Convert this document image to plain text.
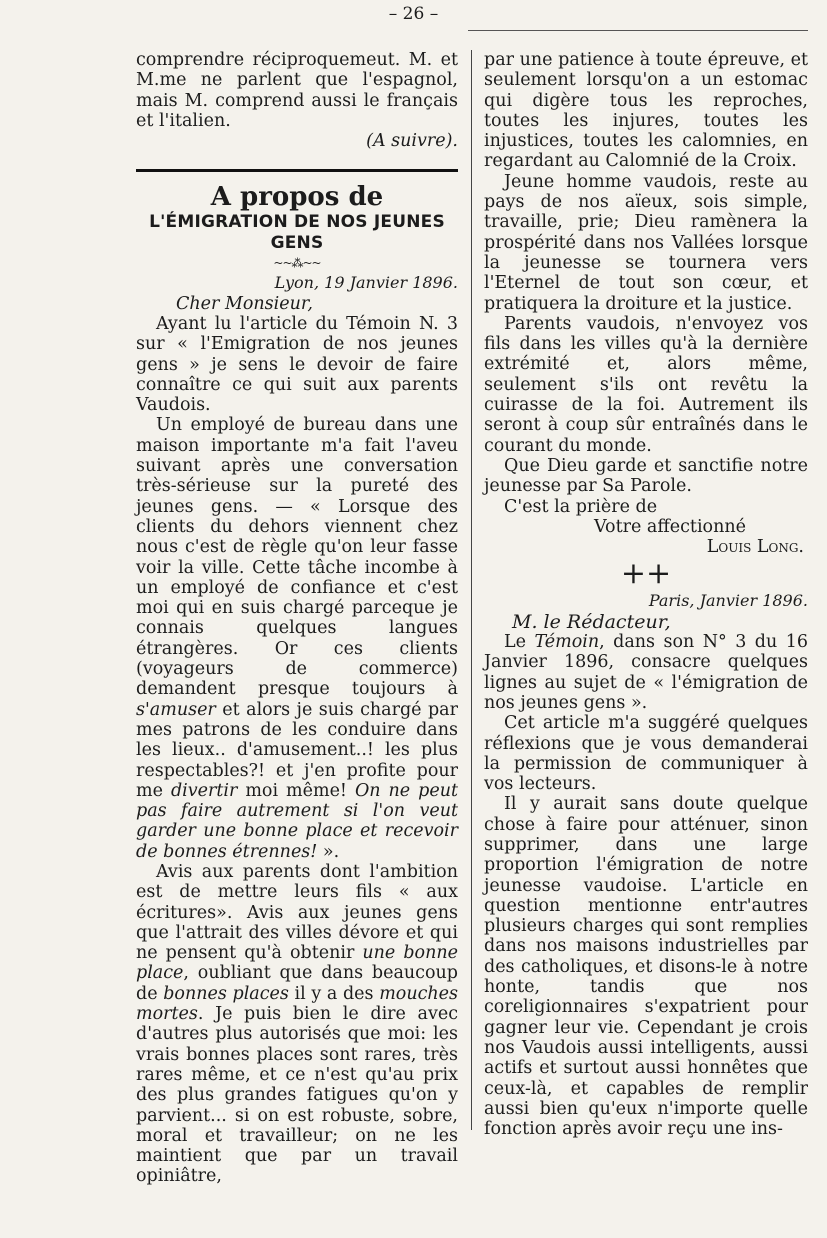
– 26 –

comprendre réciproquemeut. M. et M.me ne parlent que l'espagnol, mais M. comprend aussi le français et l'italien.

(A suivre).

A propos de

L'ÉMIGRATION DE NOS JEUNES GENS

~~⁂~~

Lyon, 19 Janvier 1896.

Cher Monsieur,

Ayant lu l'article du Témoin N. 3 sur « l'Emigration de nos jeunes gens » je sens le devoir de faire connaître ce qui suit aux parents Vaudois.

Un employé de bureau dans une maison importante m'a fait l'aveu suivant après une conversation très-sérieuse sur la pureté des jeunes gens. — « Lorsque des clients du dehors viennent chez nous c'est de règle qu'on leur fasse voir la ville. Cette tâche incombe à un employé de confiance et c'est moi qui en suis chargé parceque je connais quelques langues étrangères. Or ces clients (voyageurs de commerce) demandent presque toujours à s'amuser et alors je suis chargé par mes patrons de les conduire dans les lieux.. d'amusement..! les plus respectables?! et j'en profite pour me divertir moi même! On ne peut pas faire autrement si l'on veut garder une bonne place et recevoir de bonnes étrennes! ».

Avis aux parents dont l'ambition est de mettre leurs fils « aux écritures». Avis aux jeunes gens que l'attrait des villes dévore et qui ne pensent qu'à obtenir une bonne place, oubliant que dans beaucoup de bonnes places il y a des mouches mortes. Je puis bien le dire avec d'autres plus autorisés que moi: les vrais bonnes places sont rares, très rares même, et ce n'est qu'au prix des plus grandes fatigues qu'on y parvient... si on est robuste, sobre, moral et travailleur; on ne les maintient que par un travail opiniâtre,

par une patience à toute épreuve, et seulement lorsqu'on a un estomac qui digère tous les reproches, toutes les injures, toutes les injustices, toutes les calomnies, en regardant au Calomnié de la Croix.

Jeune homme vaudois, reste au pays de nos aïeux, sois simple, travaille, prie; Dieu ramènera la prospérité dans nos Vallées lorsque la jeunesse se tournera vers l'Eternel de tout son cœur, et pratiquera la droiture et la justice.

Parents vaudois, n'envoyez vos fils dans les villes qu'à la dernière extrémité et, alors même, seulement s'ils ont revêtu la cuirasse de la foi. Autrement ils seront à coup sûr entraînés dans le courant du monde.

Que Dieu garde et sanctifie notre jeunesse par Sa Parole.

C'est la prière de

Votre affectionné

Louis Long.

++

Paris, Janvier 1896.

M. le Rédacteur,

Le Témoin, dans son N° 3 du 16 Janvier 1896, consacre quelques lignes au sujet de « l'émigration de nos jeunes gens ».

Cet article m'a suggéré quelques réflexions que je vous demanderai la permission de communiquer à vos lecteurs.

Il y aurait sans doute quelque chose à faire pour atténuer, sinon supprimer, dans une large proportion l'émigration de notre jeunesse vaudoise. L'article en question mentionne entr'autres plusieurs charges qui sont remplies dans nos maisons industrielles par des catholiques, et disons-le à notre honte, tandis que nos coreligionnaires s'expatrient pour gagner leur vie. Cependant je crois nos Vaudois aussi intelligents, aussi actifs et surtout aussi honnêtes que ceux-là, et capables de remplir aussi bien qu'eux n'importe quelle fonction après avoir reçu une ins-
